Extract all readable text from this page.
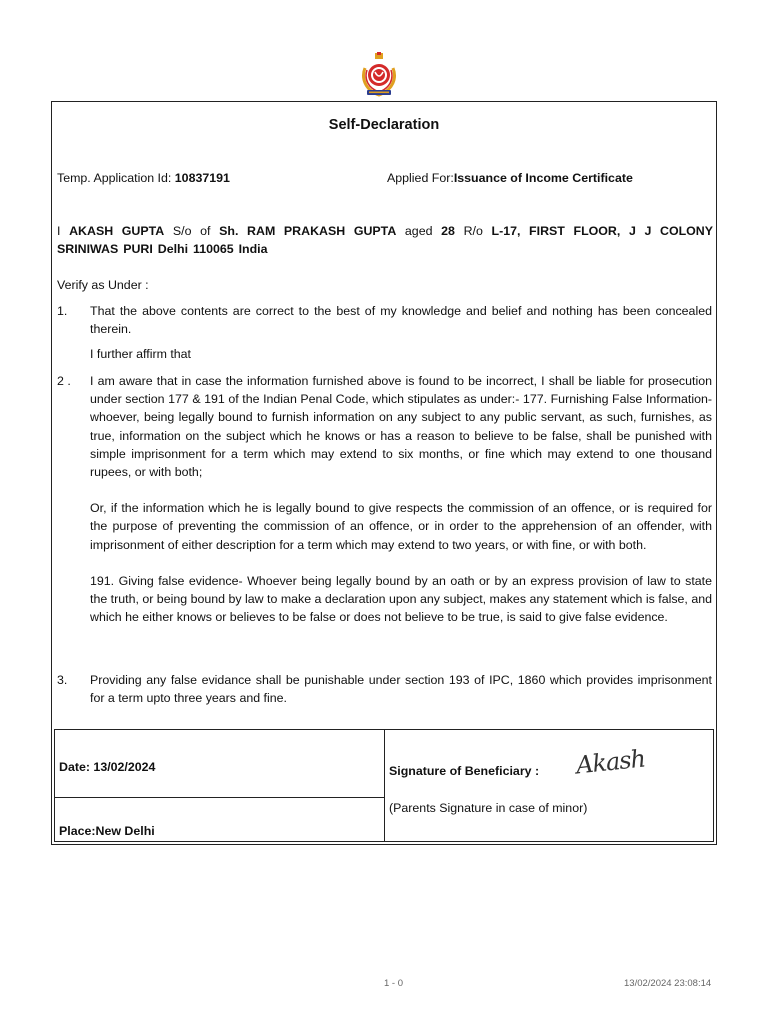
Self-Declaration
Temp. Application Id: 10837191	Applied For:Issuance of Income Certificate
I AKASH GUPTA S/o of Sh. RAM PRAKASH GUPTA aged 28 R/o L-17, FIRST FLOOR, J J COLONY SRINIWAS PURI Delhi 110065 India
Verify as Under :
1.	That the above contents are correct to the best of my knowledge and belief and nothing has been concealed therein.

I further affirm that

2 .	I am aware that in case the information furnished above is found to be incorrect, I shall be liable for prosecution under section 177 & 191 of the Indian Penal Code, which stipulates as under:- 177. Furnishing False Information- whoever, being legally bound to furnish information on any subject to any public servant, as such, furnishes, as true, information on the subject which he knows or has a reason to believe to be false, shall be punished with simple imprisonment for a term which may extend to six months, or fine which may extend to one thousand rupees, or with both;

Or, if the information which he is legally bound to give respects the commission of an offence, or is required for the purpose of preventing the commission of an offence, or in order to the apprehension of an offender, with imprisonment of either description for a term which may extend to two years, or with fine, or with both.

191. Giving false evidence- Whoever being legally bound by an oath or by an express provision of law to state the truth, or being bound by law to make a declaration upon any subject, makes any statement which is false, and which he either knows or believes to be false or does not believe to be true, is said to give false evidence.

3.	Providing any false evidance shall be punishable under section 193 of IPC, 1860 which provides imprisonment for a term upto three years and fine.

Date: 13/02/2024
Place:New Delhi
Signature of Beneficiary : Akash
(Parents Signature in case of minor)
1 - 0	13/02/2024 23:08:14
